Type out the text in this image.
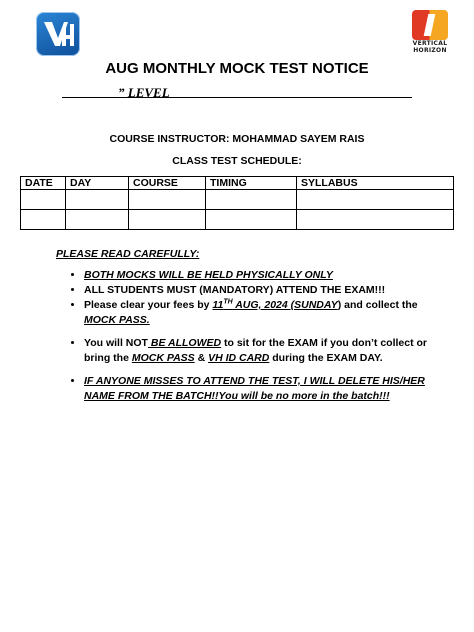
VERTICAL HORIZON
AUG MONTHLY MOCK TEST NOTICE
” LEVEL
COURSE INSTRUCTOR: MOHAMMAD SAYEM RAIS
CLASS TEST SCHEDULE:
DATE	DAY	COURSE	TIMING	SYLLABUS

PLEASE READ CAREFULLY:
• BOTH MOCKS WILL BE HELD PHYSICALLY ONLY
• ALL STUDENTS MUST (MANDATORY) ATTEND THE EXAM!!!
• Please clear your fees by 11TH AUG, 2024 (SUNDAY) and collect the MOCK PASS.
• You will NOT BE ALLOWED to sit for the EXAM if you don’t collect or bring the MOCK PASS & VH ID CARD during the EXAM DAY.
• IF ANYONE MISSES TO ATTEND THE TEST, I WILL DELETE HIS/HER NAME FROM THE BATCH!!You will be no more in the batch!!!
